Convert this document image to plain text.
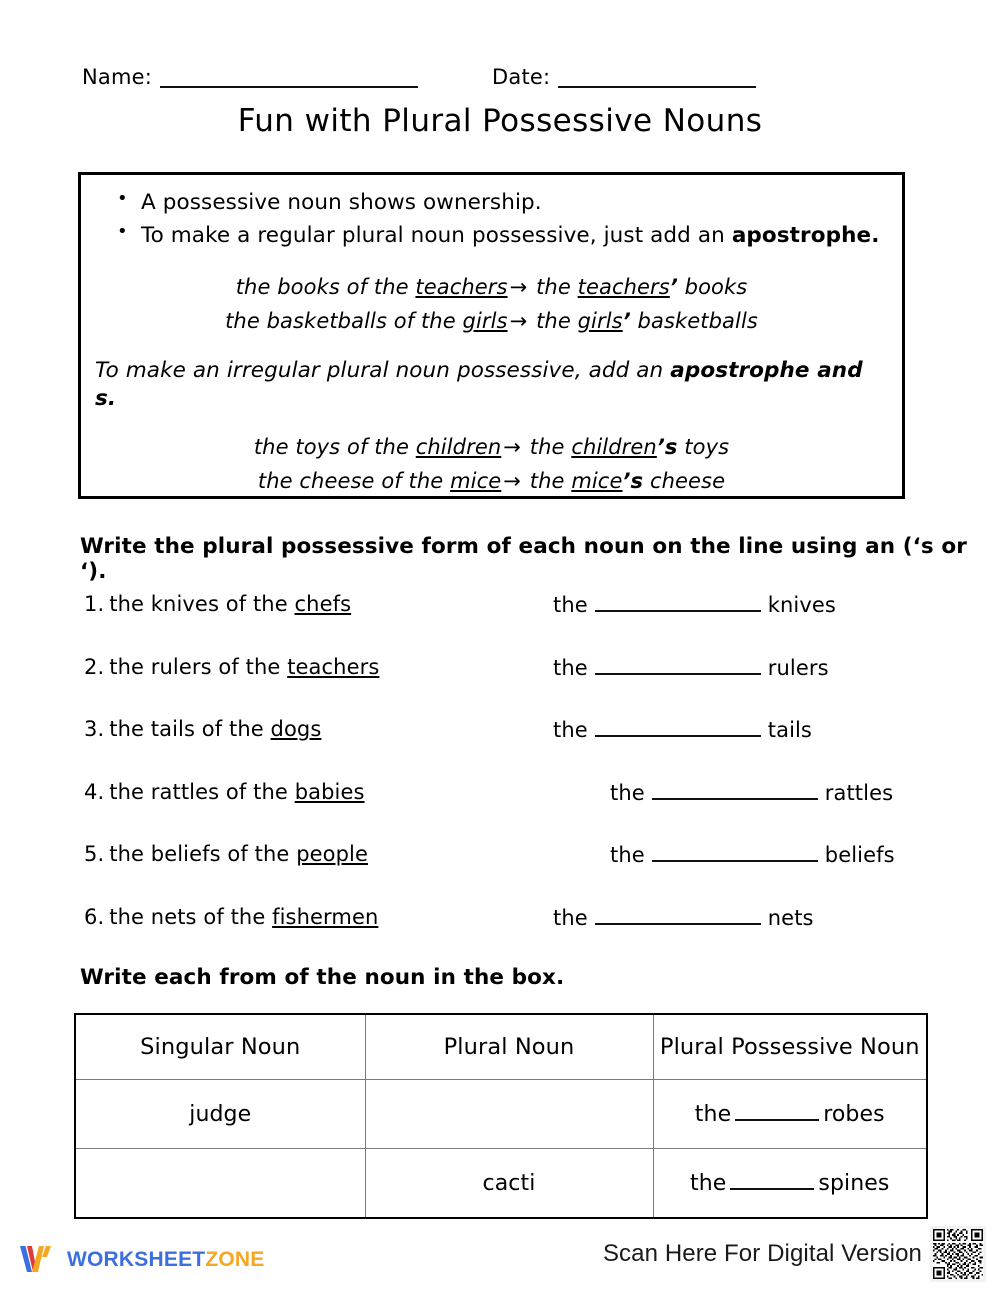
Name:	Date:
Fun with Plural Possessive Nouns
• A possessive noun shows ownership.
• To make a regular plural noun possessive, just add an apostrophe.
the books of the teachers→ the teachers’ books
the basketballs of the girls→ the girls’ basketballs
To make an irregular plural noun possessive, add an apostrophe and s.
the toys of the children→ the children’s toys
the cheese of the mice→ the mice’s cheese
Write the plural possessive form of each noun on the line using an (‘s or ‘).
1. the knives of the chefs	the	knives
2. the rulers of the teachers	the	rulers
3. the tails of the dogs	the	tails
4. the rattles of the babies	the	rattles
5. the beliefs of the people	the	beliefs
6. the nets of the fishermen	the	nets
Write each from of the noun in the box.
Singular Noun	Plural Noun	Plural Possessive Noun
judge		the robes
	cacti	the spines
WORKSHEETZONE	Scan Here For Digital Version
